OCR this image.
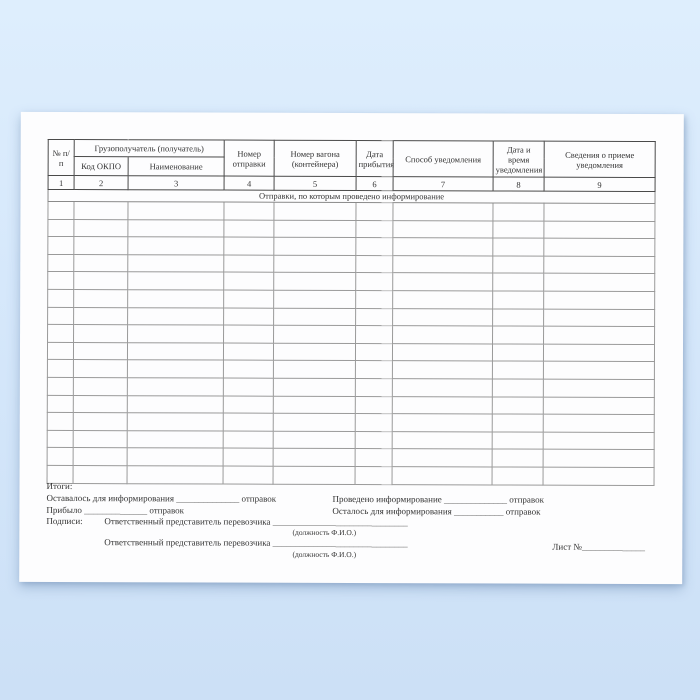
№ п/п	Грузополучатель (получатель)		Номер отправки	Номер вагона (контейнера)	Дата прибытия	Способ уведомления	Дата и время уведомления	Сведения о приеме уведомления
	Код ОКПО	Наименование						
1	2	3	4	5	6	7	8	9
Отправки, по которым проведено информирование								

Итоги:
Оставалось для информирования ______________ отправок	Проведено информирование ______________ отправок
Прибыло ______________ отправок	Осталось для информирования ___________ отправок
Подписи: Ответственный представитель перевозчика ______________________________
(должность Ф.И.О.)
Ответственный представитель перевозчика ______________________________
(должность Ф.И.О.)
Лист №______________
